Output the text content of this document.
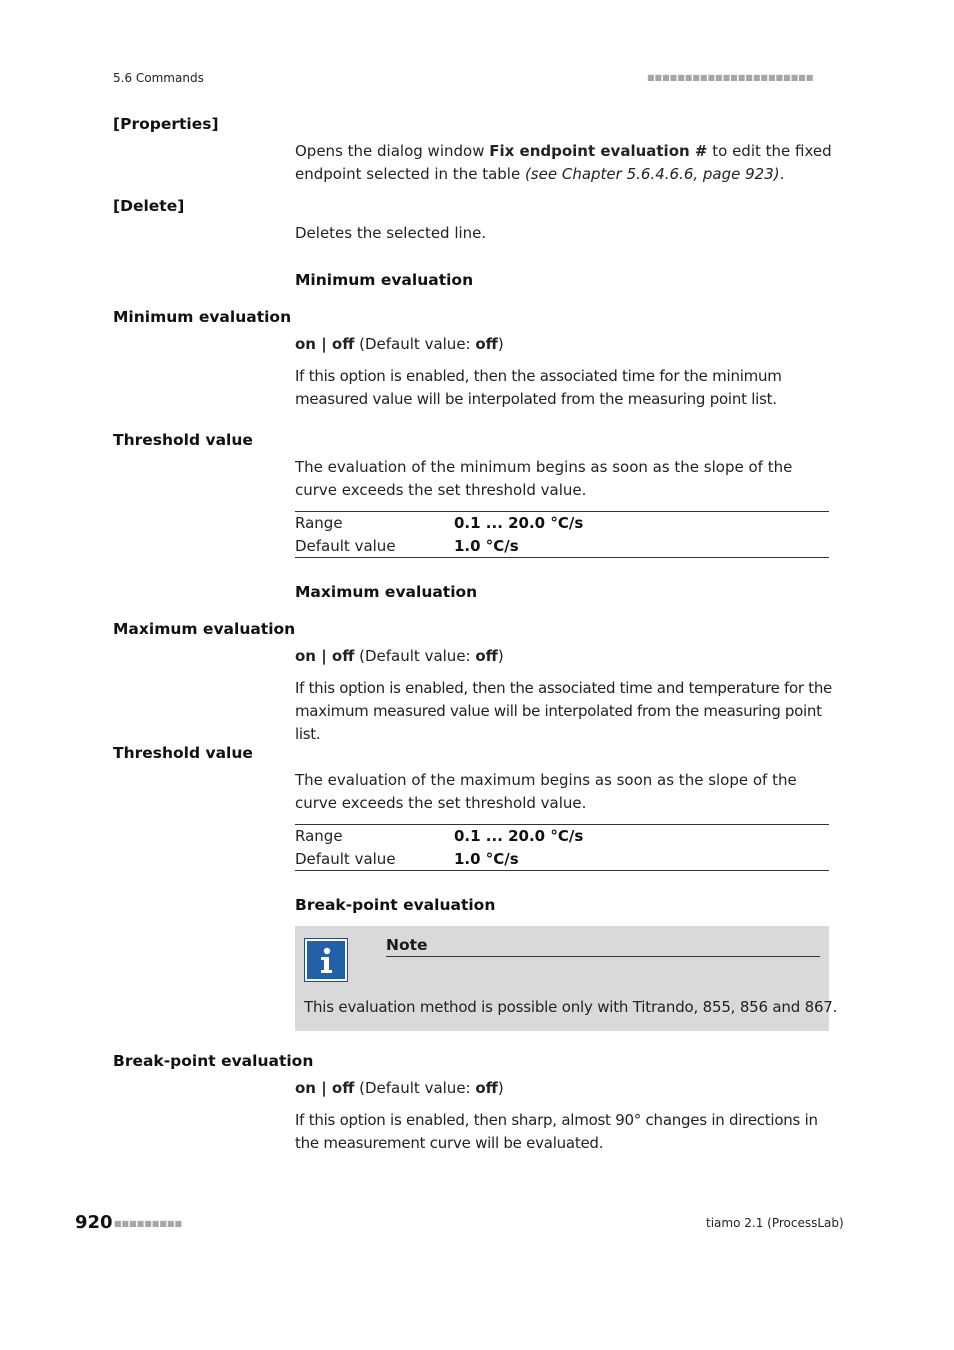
5.6 Commands	■■■■■■■■■■■■■■■■■■■■■■
[Properties]
Opens the dialog window Fix endpoint evaluation # to edit the fixed endpoint selected in the table (see Chapter 5.6.4.6.6, page 923).
[Delete]
Deletes the selected line.
Minimum evaluation
Minimum evaluation
on | off (Default value: off)
If this option is enabled, then the associated time for the minimum measured value will be interpolated from the measuring point list.
Threshold value
The evaluation of the minimum begins as soon as the slope of the curve exceeds the set threshold value.
Range	0.1 ... 20.0 °C/s
Default value	1.0 °C/s
Maximum evaluation
Maximum evaluation
on | off (Default value: off)
If this option is enabled, then the associated time and temperature for the maximum measured value will be interpolated from the measuring point list.
Threshold value
The evaluation of the maximum begins as soon as the slope of the curve exceeds the set threshold value.
Range	0.1 ... 20.0 °C/s
Default value	1.0 °C/s
Break-point evaluation
Note
This evaluation method is possible only with Titrando, 855, 856 and 867.
Break-point evaluation
on | off (Default value: off)
If this option is enabled, then sharp, almost 90° changes in directions in the measurement curve will be evaluated.
920 ■■■■■■■■■	tiamo 2.1 (ProcessLab)
